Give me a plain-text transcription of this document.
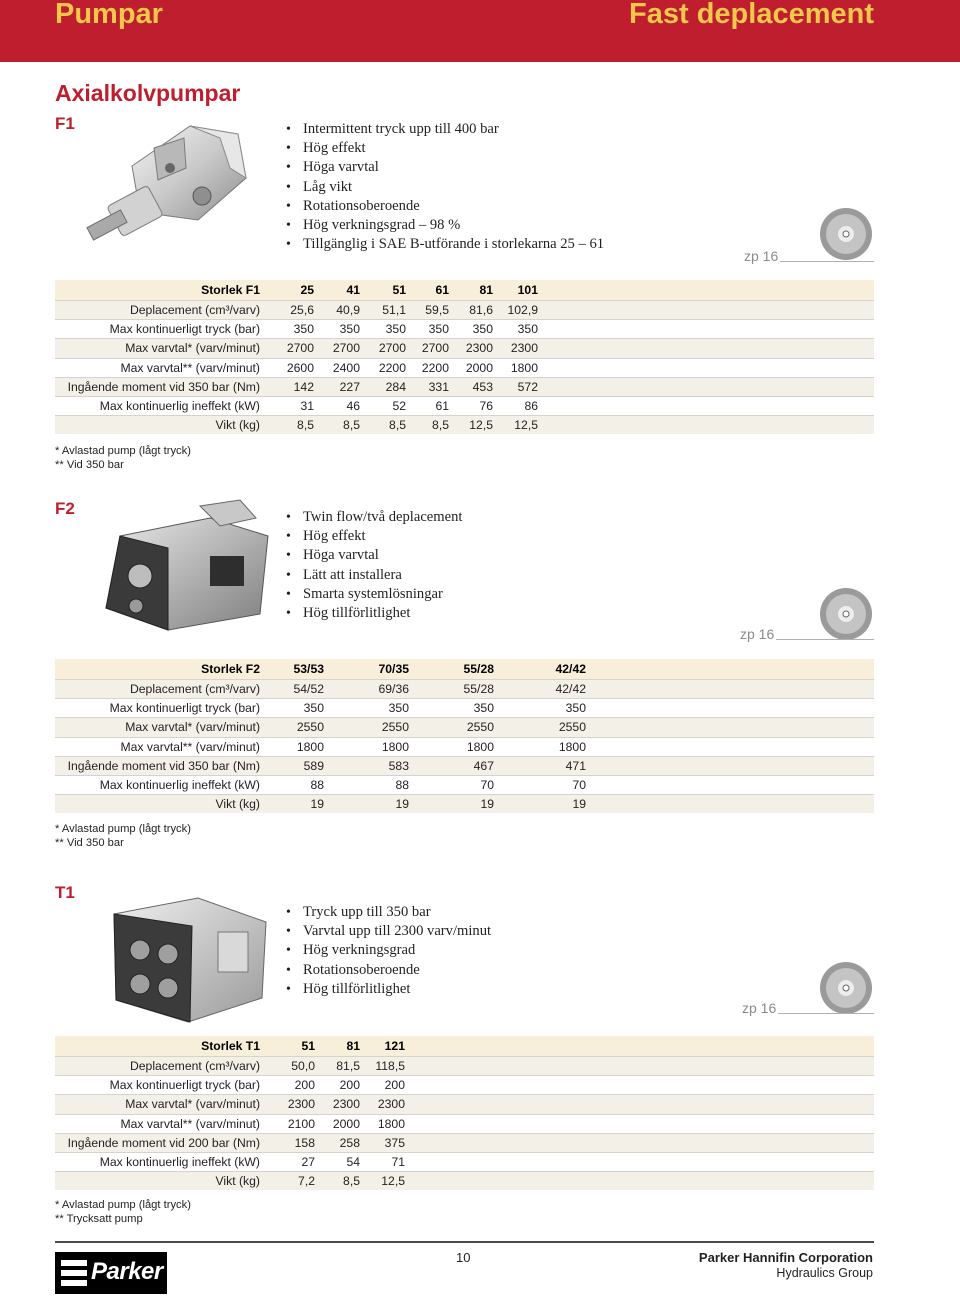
Pumpar	Fast deplacement
Axialkolvpumpar
F1	• Intermittent tryck upp till 400 bar
• Hög effekt
• Höga varvtal
• Låg vikt
• Rotationsoberoende
• Hög verkningsgrad – 98 %
• Tillgänglig i SAE B-utförande i storlekarna 25 – 61
zp 16
Storlek F1	25	41	51	61	81	101	
Deplacement (cm³/varv)	25,6	40,9	51,1	59,5	81,6	102,9	
Max kontinuerligt tryck (bar)	350	350	350	350	350	350	
Max varvtal* (varv/minut)	2700	2700	2700	2700	2300	2300	
Max varvtal** (varv/minut)	2600	2400	2200	2200	2000	1800	
Ingående moment vid 350 bar (Nm)	142	227	284	331	453	572	
Max kontinuerlig ineffekt (kW)	31	46	52	61	76	86	
Vikt (kg)	8,5	8,5	8,5	8,5	12,5	12,5	
* Avlastad pump (lågt tryck)
** Vid 350 bar
F2	• Twin flow/två deplacement
• Hög effekt
• Höga varvtal
• Lätt att installera
• Smarta systemlösningar
• Hög tillförlitlighet
zp 16
Storlek F2	53/53	70/35	55/28	42/42	
Deplacement (cm³/varv)	54/52	69/36	55/28	42/42	
Max kontinuerligt tryck (bar)	350	350	350	350	
Max varvtal* (varv/minut)	2550	2550	2550	2550	
Max varvtal** (varv/minut)	1800	1800	1800	1800	
Ingående moment vid 350 bar (Nm)	589	583	467	471	
Max kontinuerlig ineffekt (kW)	88	88	70	70	
Vikt (kg)	19	19	19	19	
* Avlastad pump (lågt tryck)
** Vid 350 bar
T1
• Tryck upp till 350 bar
• Varvtal upp till 2300 varv/minut
• Hög verkningsgrad
• Rotationsoberoende
• Hög tillförlitlighet
zp 16
Storlek T1	51	81	121	
Deplacement (cm³/varv)	50,0	81,5	118,5	
Max kontinuerligt tryck (bar)	200	200	200	
Max varvtal* (varv/minut)	2300	2300	2300	
Max varvtal** (varv/minut)	2100	2000	1800	
Ingående moment vid 200 bar (Nm)	158	258	375	
Max kontinuerlig ineffekt (kW)	27	54	71	
Vikt (kg)	7,2	8,5	12,5	
* Avlastad pump (lågt tryck)
** Trycksatt pump
Parker
10	Parker Hannifin Corporation
Hydraulics Group
